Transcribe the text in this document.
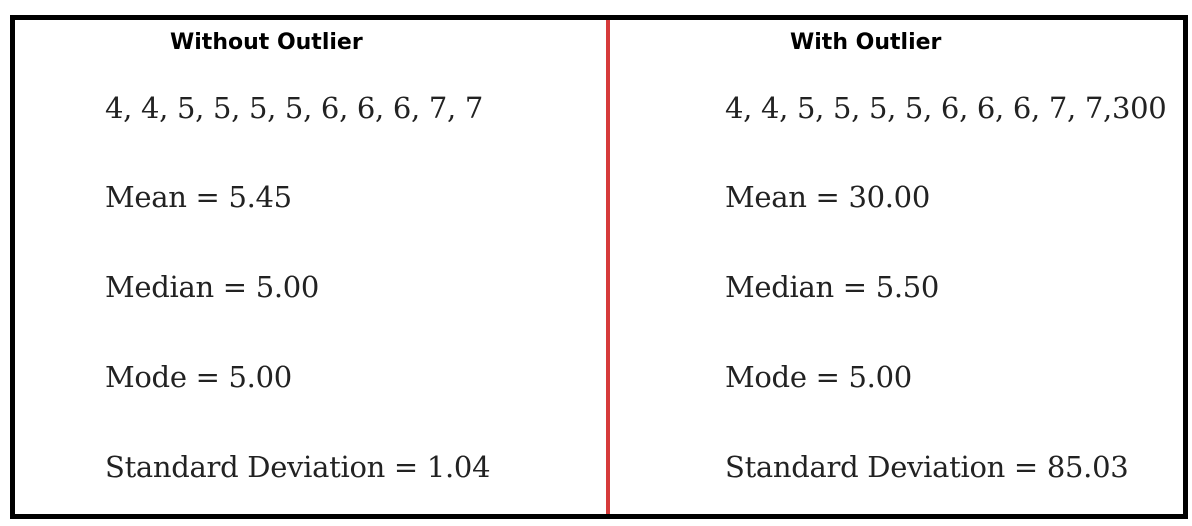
Without Outlier
4, 4, 5, 5, 5, 5, 6, 6, 6, 7, 7
Mean = 5.45
Median = 5.00
Mode = 5.00
Standard Deviation = 1.04
With Outlier
4, 4, 5, 5, 5, 5, 6, 6, 6, 7, 7,300
Mean = 30.00
Median = 5.50
Mode = 5.00
Standard Deviation = 85.03
